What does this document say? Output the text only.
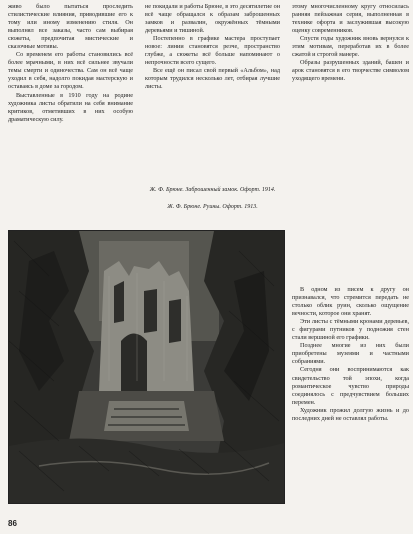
живо было пытаться проследить стилистические влияния, приводившие его к тому или иному изменению стиля. Он выполнял все заказы, часто сам выбирая сюжеты, предпочитая мистические и сказочные мотивы.

Со временем его работы становились всё более мрачными, в них всё сильнее звучали темы смерти и одиночества. Сам он всё чаще уходил в себя, надолго покидая мастерскую и оставаясь в доме за городом.

Выставленные в 1910 году на родине художника листы обратили на себя внимание критиков, отметивших в них особую драматическую силу.

не покидали и работы Брюне, в это десятилетие он всё чаще обращался к образам заброшенных замков и развалин, окружённых тёмными деревьями и тишиной.

Постепенно в графике мастера проступает новое: линии становятся резче, пространство глубже, а сюжеты всё больше напоминают о непрочности всего сущего.

Все ещё он писал свой первый «Альбом», над которым трудился несколько лет, отбирая лучшие листы.

Ж. Ф. Брюне. Заброшенный замок. Офорт. 1914.
Ж. Ф. Брюне. Руины. Офорт. 1913.

этому многочисленному кругу относилась ранняя пейзажная серия, выполненная в технике офорта и заслужившая высокую оценку современников.

Спустя годы художник вновь вернулся к этим мотивам, переработав их в более сжатой и строгой манере.

Образы разрушенных зданий, башен и арок становятся в его творчестве символом уходящего времени.

В одном из писем к другу он признавался, что стремится передать не столько облик руин, сколько ощущение вечности, которое они хранят.

Эти листы с тёмными кронами деревьев, с фигурами путников у подножия стен стали вершиной его графики.

Позднее многие из них были приобретены музеями и частными собраниями.

Сегодня они воспринимаются как свидетельство той эпохи, когда романтическое чувство природы соединялось с предчувствием больших перемен.

Художник прожил долгую жизнь и до последних дней не оставлял работы.

86
